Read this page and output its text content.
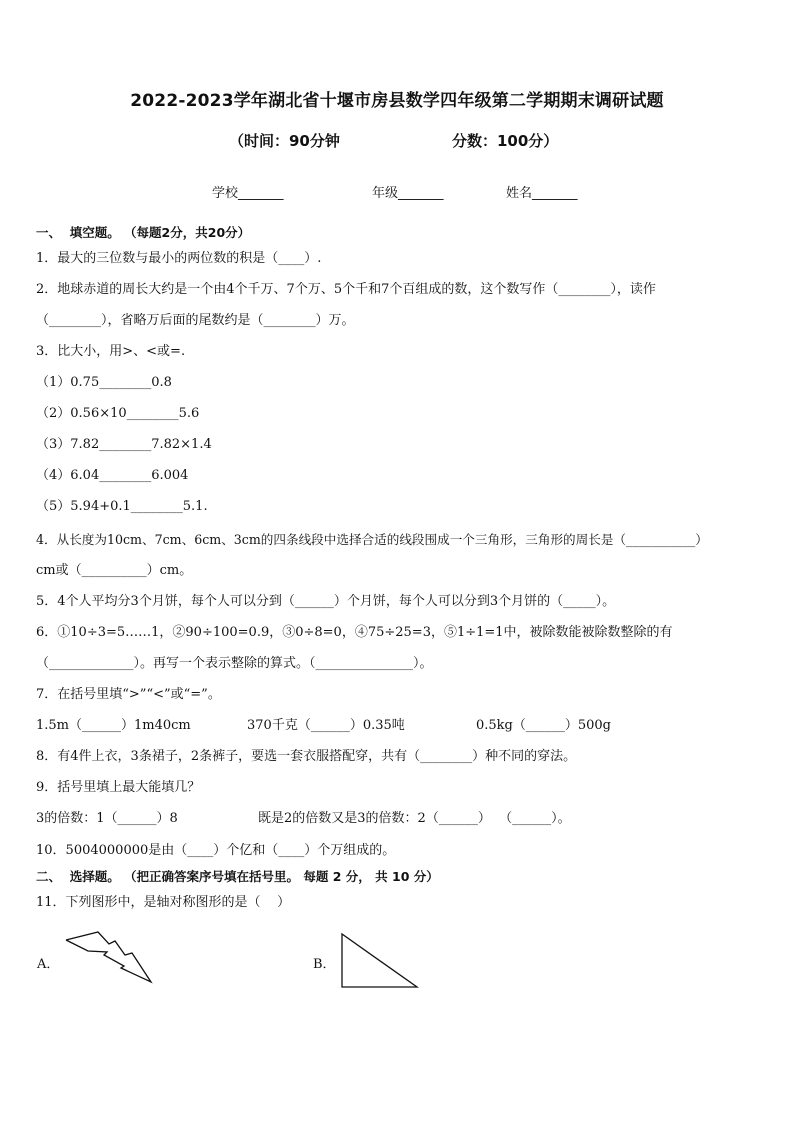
2022-2023学年湖北省十堰市房县数学四年级第二学期期末调研试题
（时间：90分钟	分数：100分）
学校_______	年级_______	姓名_______
一、  填空题。 （每题2分，共20分）
1．最大的三位数与最小的两位数的积是（____）.
2．地球赤道的周长大约是一个由4个千万、7个万、5个千和7个百组成的数，这个数写作（________），读作
（________），省略万后面的尾数约是（________）万。
3．比大小，用>、<或=.
（1）0.75________0.8
（2）0.56×10________5.6
（3）7.82________7.82×1.4
（4）6.04________6.004
（5）5.94+0.1________5.1.
4．从长度为10cm、7cm、6cm、3cm的四条线段中选择合适的线段围成一个三角形，三角形的周长是（___________）
cm或（__________）cm。
5．4个人平均分3个月饼，每个人可以分到（______）个月饼，每个人可以分到3个月饼的（_____）。
6．①10÷3=5……1，②90÷100=0.9，③0÷8=0，④75÷25=3，⑤1÷1=1中，被除数能被除数整除的有
（_____________）。再写一个表示整除的算式。（_______________）。
7．在括号里填“>”“<”或“=”。
1.5m（______）1m40cm	370千克（______）0.35吨	0.5kg（______）500g
8．有4件上衣，3条裙子，2条裤子，要选一套衣服搭配穿，共有（________）种不同的穿法。
9．括号里填上最大能填几？
3的倍数：1（______）8	既是2的倍数又是3的倍数：2（______）  （______）。
10．5004000000是由（____）个亿和（____）个万组成的。
二、  选择题。 （把正确答案序号填在括号里。 每题 2 分， 共 10 分）
11．下列图形中，是轴对称图形的是（    ）
A．	B．
